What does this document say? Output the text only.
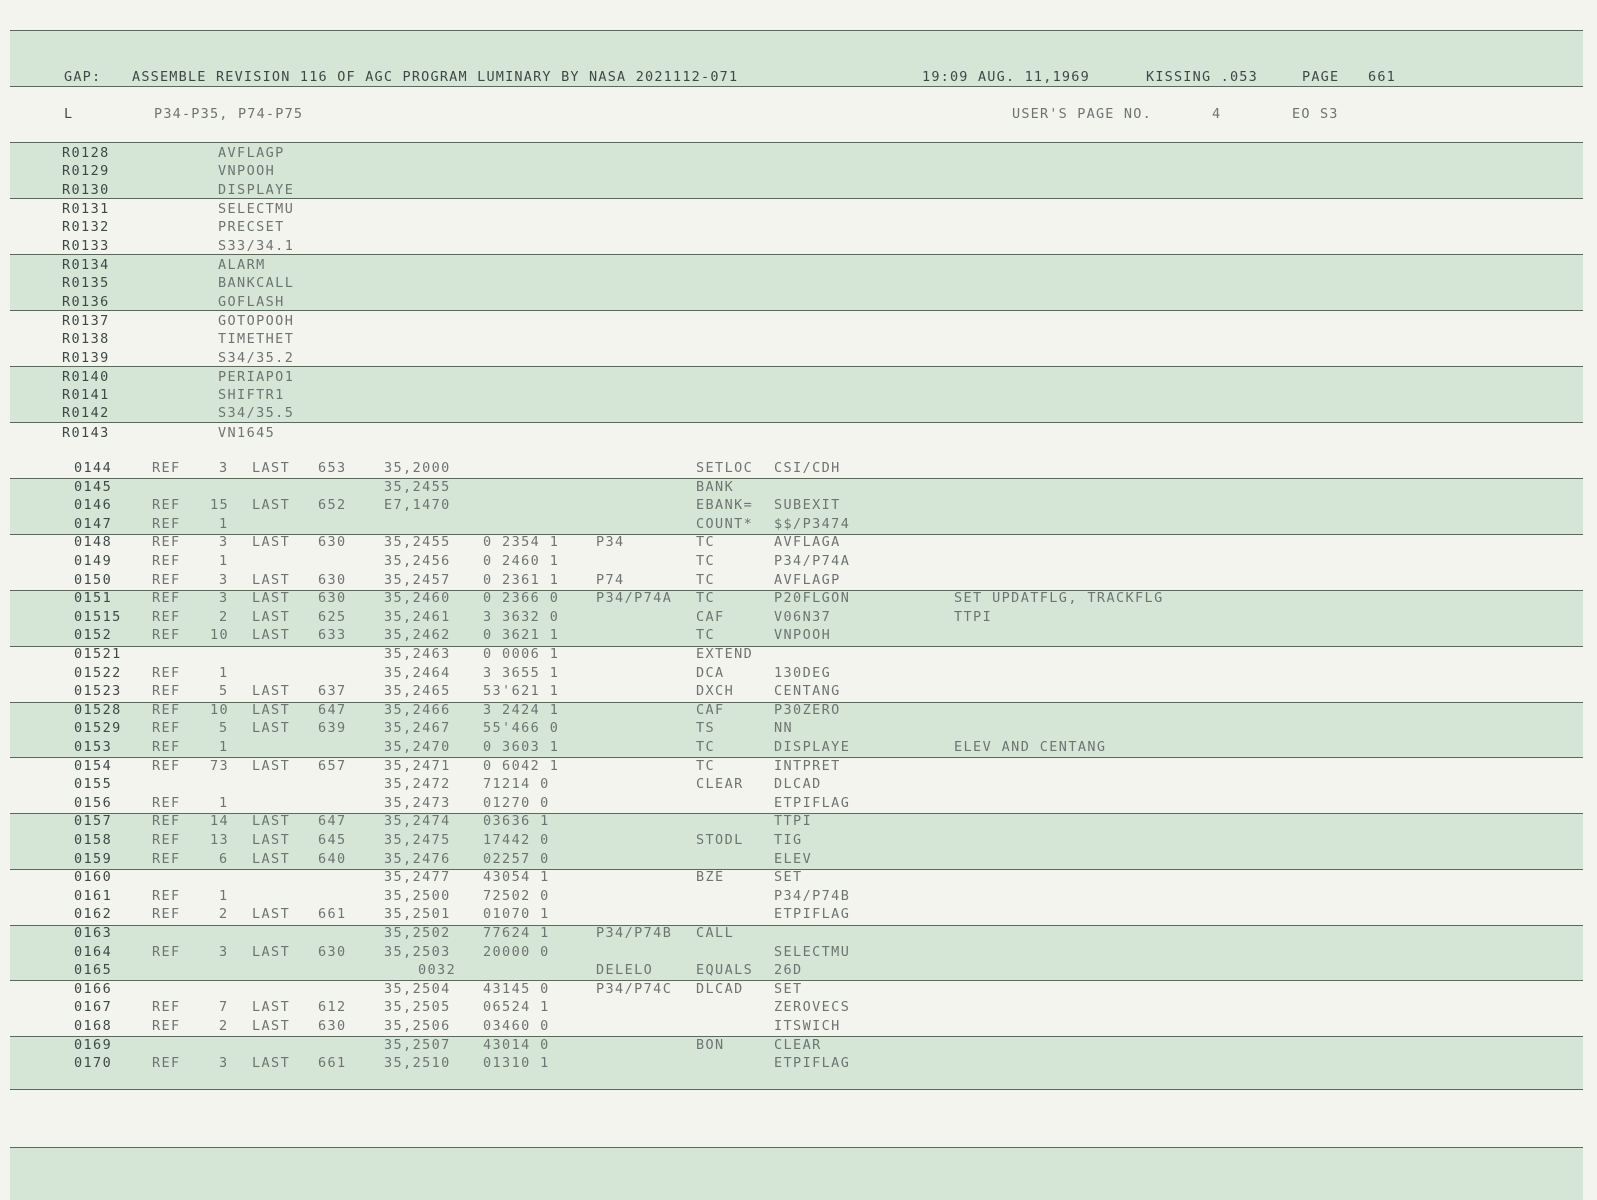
GAP: ASSEMBLE REVISION 116 OF AGC PROGRAM LUMINARY BY NASA 2021112-071	19:09 AUG. 11,1969	KISSING .053	PAGE 661
L	P34-P35, P74-P75	USER'S PAGE NO.	4	EO S3
R0128	AVFLAGP
R0129	VNPOOH
R0130	DISPLAYE
R0131	SELECTMU
R0132	PRECSET
R0133	S33/34.1
R0134	ALARM
R0135	BANKCALL
R0136	GOFLASH
R0137	GOTOPOOH
R0138	TIMETHET
R0139	S34/35.2
R0140	PERIAPO1
R0141	SHIFTR1
R0142	S34/35.5
R0143	VN1645
0144	REF	3 LAST 653	35,2000	SETLOC CSI/CDH
0145	35,2455	BANK
0146	REF 15 LAST 652	E7,1470	EBANK= SUBEXIT
0147	REF	1	COUNT* $$/P3474
0148	REF	3 LAST 630	35,2455 0 2354 1	P34	TC	AVFLAGA
0149	REF	1	35,2456 0 2460 1	TC	P34/P74A
0150	REF	3 LAST 630	35,2457 0 2361 1	P74	TC	AVFLAGP
0151	REF	3 LAST 630	35,2460 0 2366 0	P34/P74A TC	P20FLGON	SET UPDATFLG, TRACKFLG
01515 REF	2 LAST 625	35,2461 3 3632 0	CAF	V06N37	TTPI
0152	REF 10 LAST 633	35,2462 0 3621 1	TC	VNPOOH
01521	35,2463 0 0006 1	EXTEND
01522 REF	1	35,2464 3 3655 1	DCA	130DEG
01523 REF	5 LAST 637	35,2465 53'621 1	DXCH	CENTANG
01528 REF 10 LAST 647	35,2466 3 2424 1	CAF	P30ZERO
01529 REF	5 LAST 639	35,2467 55'466 0	TS	NN
0153	REF	1	35,2470 0 3603 1	TC	DISPLAYE	ELEV AND CENTANG
0154	REF 73 LAST 657	35,2471 0 6042 1	TC	INTPRET
0155	35,2472 71214 0	CLEAR DLCAD
0156	REF	1	35,2473 01270 0	ETPIFLAG
0157	REF 14 LAST 647	35,2474 03636 1	TTPI
0158	REF 13 LAST 645	35,2475 17442 0	STODL TIG
0159	REF	6 LAST 640	35,2476 02257 0	ELEV
0160	35,2477 43054 1	BZE	SET
0161	REF	1	35,2500 72502 0	P34/P74B
0162	REF	2 LAST 661	35,2501 01070 1	ETPIFLAG
0163	35,2502 77624 1	P34/P74B CALL
0164	REF	3 LAST 630	35,2503 20000 0	SELECTMU
0165	0032	DELELO	EQUALS 26D
0166	35,2504 43145 0	P34/P74C DLCAD SET
0167	REF	7 LAST 612	35,2505 06524 1	ZEROVECS
0168	REF	2 LAST 630	35,2506 03460 0	ITSWICH
0169	35,2507 43014 0	BON	CLEAR
0170	REF	3 LAST 661	35,2510 01310 1	ETPIFLAG
